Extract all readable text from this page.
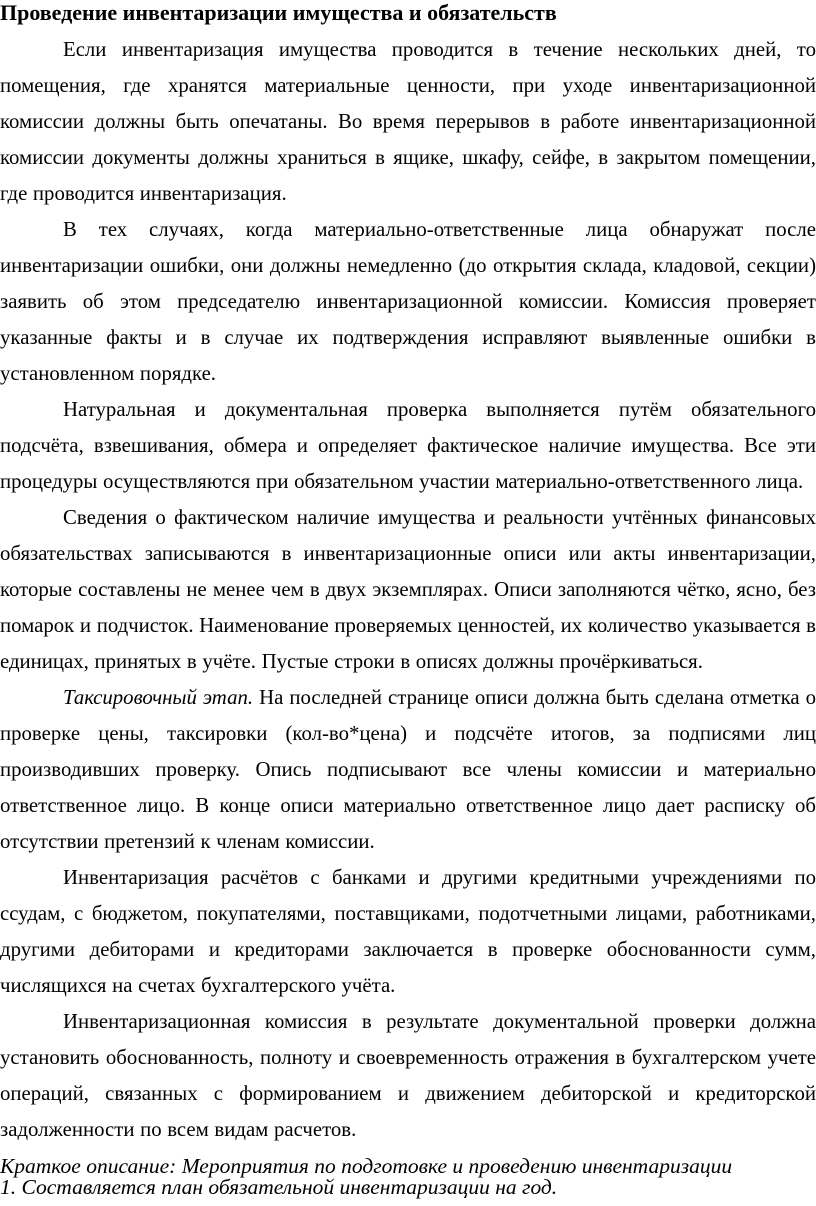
Проведение инвентаризации имущества и обязательств

Если инвентаризация имущества проводится в течение нескольких дней, то помещения, где хранятся материальные ценности, при уходе инвентаризационной комиссии должны быть опечатаны. Во время перерывов в работе инвентаризационной комиссии документы должны храниться в ящике, шкафу, сейфе, в закрытом помещении, где проводится инвентаризация.

В тех случаях, когда материально-ответственные лица обнаружат после инвентаризации ошибки, они должны немедленно (до открытия склада, кладовой, секции) заявить об этом председателю инвентаризационной комиссии. Комиссия проверяет указанные факты и в случае их подтверждения исправляют выявленные ошибки в установленном порядке.

Натуральная и документальная проверка выполняется путём обязательного подсчёта, взвешивания, обмера и определяет фактическое наличие имущества. Все эти процедуры осуществляются при обязательном участии материально-ответственного лица.

Сведения о фактическом наличие имущества и реальности учтённых финансовых обязательствах записываются в инвентаризационные описи или акты инвентаризации, которые составлены не менее чем в двух экземплярах. Описи заполняются чётко, ясно, без помарок и подчисток. Наименование проверяемых ценностей, их количество указывается в единицах, принятых в учёте. Пустые строки в описях должны прочёркиваться.

Таксировочный этап. На последней странице описи должна быть сделана отметка о проверке цены, таксировки (кол-во*цена) и подсчёте итогов, за подписями лиц производивших проверку. Опись подписывают все члены комиссии и материально ответственное лицо. В конце описи материально ответственное лицо дает расписку об отсутствии претензий к членам комиссии.

Инвентаризация расчётов с банками и другими кредитными учреждениями по ссудам, с бюджетом, покупателями, поставщиками, подотчетными лицами, работниками, другими дебиторами и кредиторами заключается в проверке обоснованности сумм, числящихся на счетах бухгалтерского учёта.

Инвентаризационная комиссия в результате документальной проверки должна установить обоснованность, полноту и своевременность отражения в бухгалтерском учете операций, связанных с формированием и движением дебиторской и кредиторской задолженности по всем видам расчетов.

Краткое описание: Мероприятия по подготовке и проведению инвентаризации

1. Составляется план обязательной инвентаризации на год.
